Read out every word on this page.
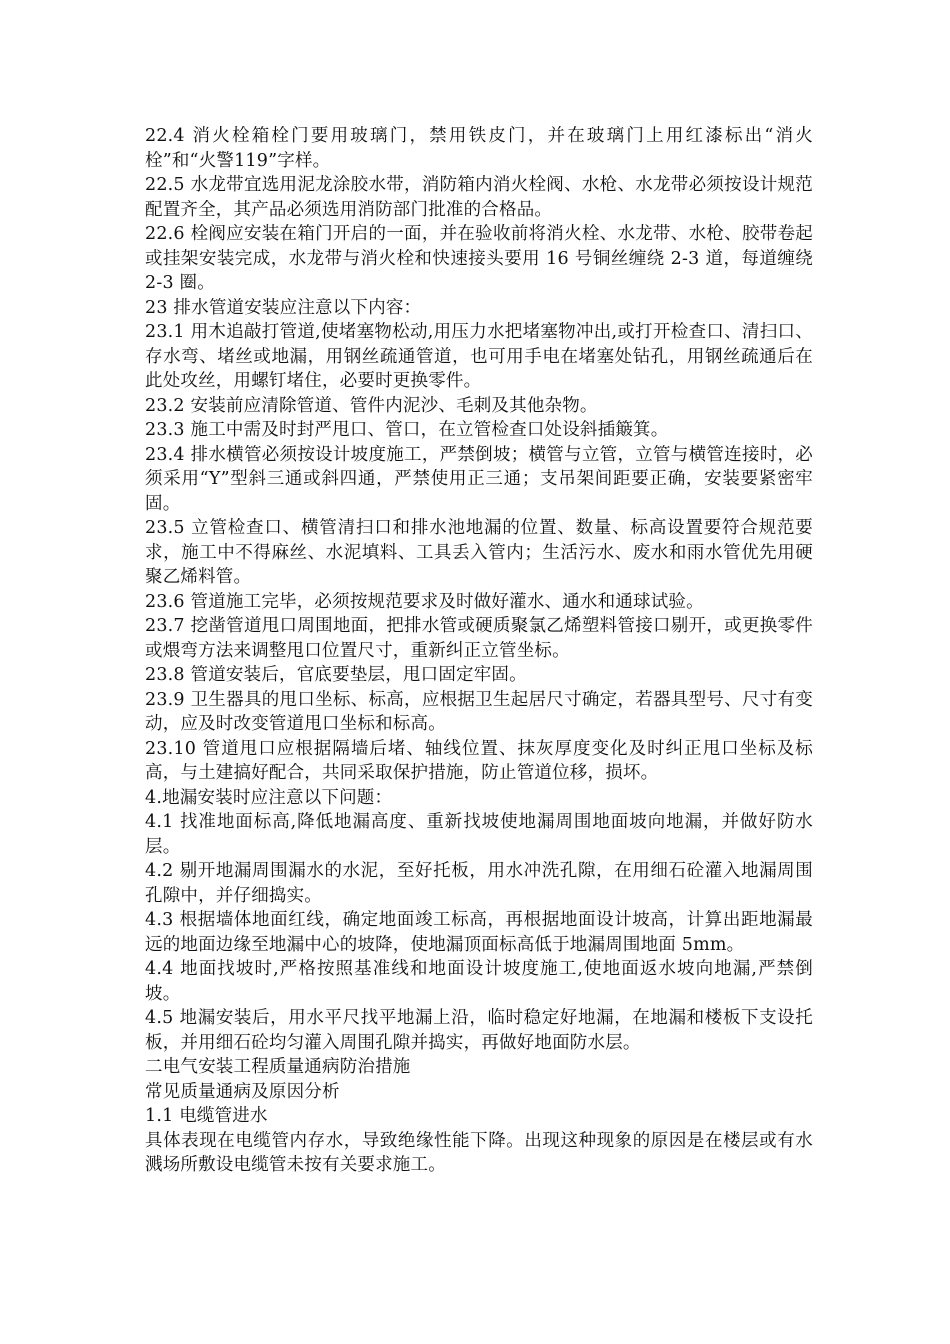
22.4 消火栓箱栓门要用玻璃门，禁用铁皮门，并在玻璃门上用红漆标出“消火栓”和“火警119”字样。

22.5 水龙带宜选用泥龙涂胶水带，消防箱内消火栓阀、水枪、水龙带必须按设计规范配置齐全，其产品必须选用消防部门批准的合格品。

22.6 栓阀应安装在箱门开启的一面，并在验收前将消火栓、水龙带、水枪、胶带卷起或挂架安装完成，水龙带与消火栓和快速接头要用 16 号铜丝缠绕 2-3 道，每道缠绕 2-3 圈。

23 排水管道安装应注意以下内容：

23.1 用木追敲打管道,使堵塞物松动,用压力水把堵塞物冲出,或打开检查口、清扫口、存水弯、堵丝或地漏，用钢丝疏通管道，也可用手电在堵塞处钻孔，用钢丝疏通后在此处攻丝，用螺钉堵住，必要时更换零件。

23.2 安装前应清除管道、管件内泥沙、毛刺及其他杂物。

23.3 施工中需及时封严甩口、管口，在立管检查口处设斜插簸箕。

23.4 排水横管必须按设计坡度施工，严禁倒坡；横管与立管，立管与横管连接时，必须采用“Y”型斜三通或斜四通，严禁使用正三通；支吊架间距要正确，安装要紧密牢固。

23.5 立管检查口、横管清扫口和排水池地漏的位置、数量、标高设置要符合规范要求，施工中不得麻丝、水泥填料、工具丢入管内；生活污水、废水和雨水管优先用硬聚乙烯料管。

23.6 管道施工完毕，必须按规范要求及时做好灌水、通水和通球试验。

23.7 挖凿管道甩口周围地面，把排水管或硬质聚氯乙烯塑料管接口剔开，或更换零件或煨弯方法来调整甩口位置尺寸，重新纠正立管坐标。

23.8 管道安装后，官底要垫层，甩口固定牢固。

23.9 卫生器具的甩口坐标、标高，应根据卫生起居尺寸确定，若器具型号、尺寸有变动，应及时改变管道甩口坐标和标高。

23.10 管道甩口应根据隔墙后堵、轴线位置、抹灰厚度变化及时纠正甩口坐标及标高，与土建搞好配合，共同采取保护措施，防止管道位移，损坏。

4.地漏安装时应注意以下问题：

4.1 找准地面标高,降低地漏高度、重新找坡使地漏周围地面坡向地漏，并做好防水层。

4.2 剔开地漏周围漏水的水泥，至好托板，用水冲洗孔隙，在用细石砼灌入地漏周围孔隙中，并仔细捣实。

4.3 根据墙体地面红线，确定地面竣工标高，再根据地面设计坡高，计算出距地漏最远的地面边缘至地漏中心的坡降，使地漏顶面标高低于地漏周围地面 5mm。

4.4 地面找坡时,严格按照基准线和地面设计坡度施工,使地面返水坡向地漏,严禁倒坡。

4.5 地漏安装后，用水平尺找平地漏上沿，临时稳定好地漏，在地漏和楼板下支设托板，并用细石砼均匀灌入周围孔隙并捣实，再做好地面防水层。

二电气安装工程质量通病防治措施

常见质量通病及原因分析

1.1 电缆管进水

具体表现在电缆管内存水，导致绝缘性能下降。出现这种现象的原因是在楼层或有水溅场所敷设电缆管未按有关要求施工。
